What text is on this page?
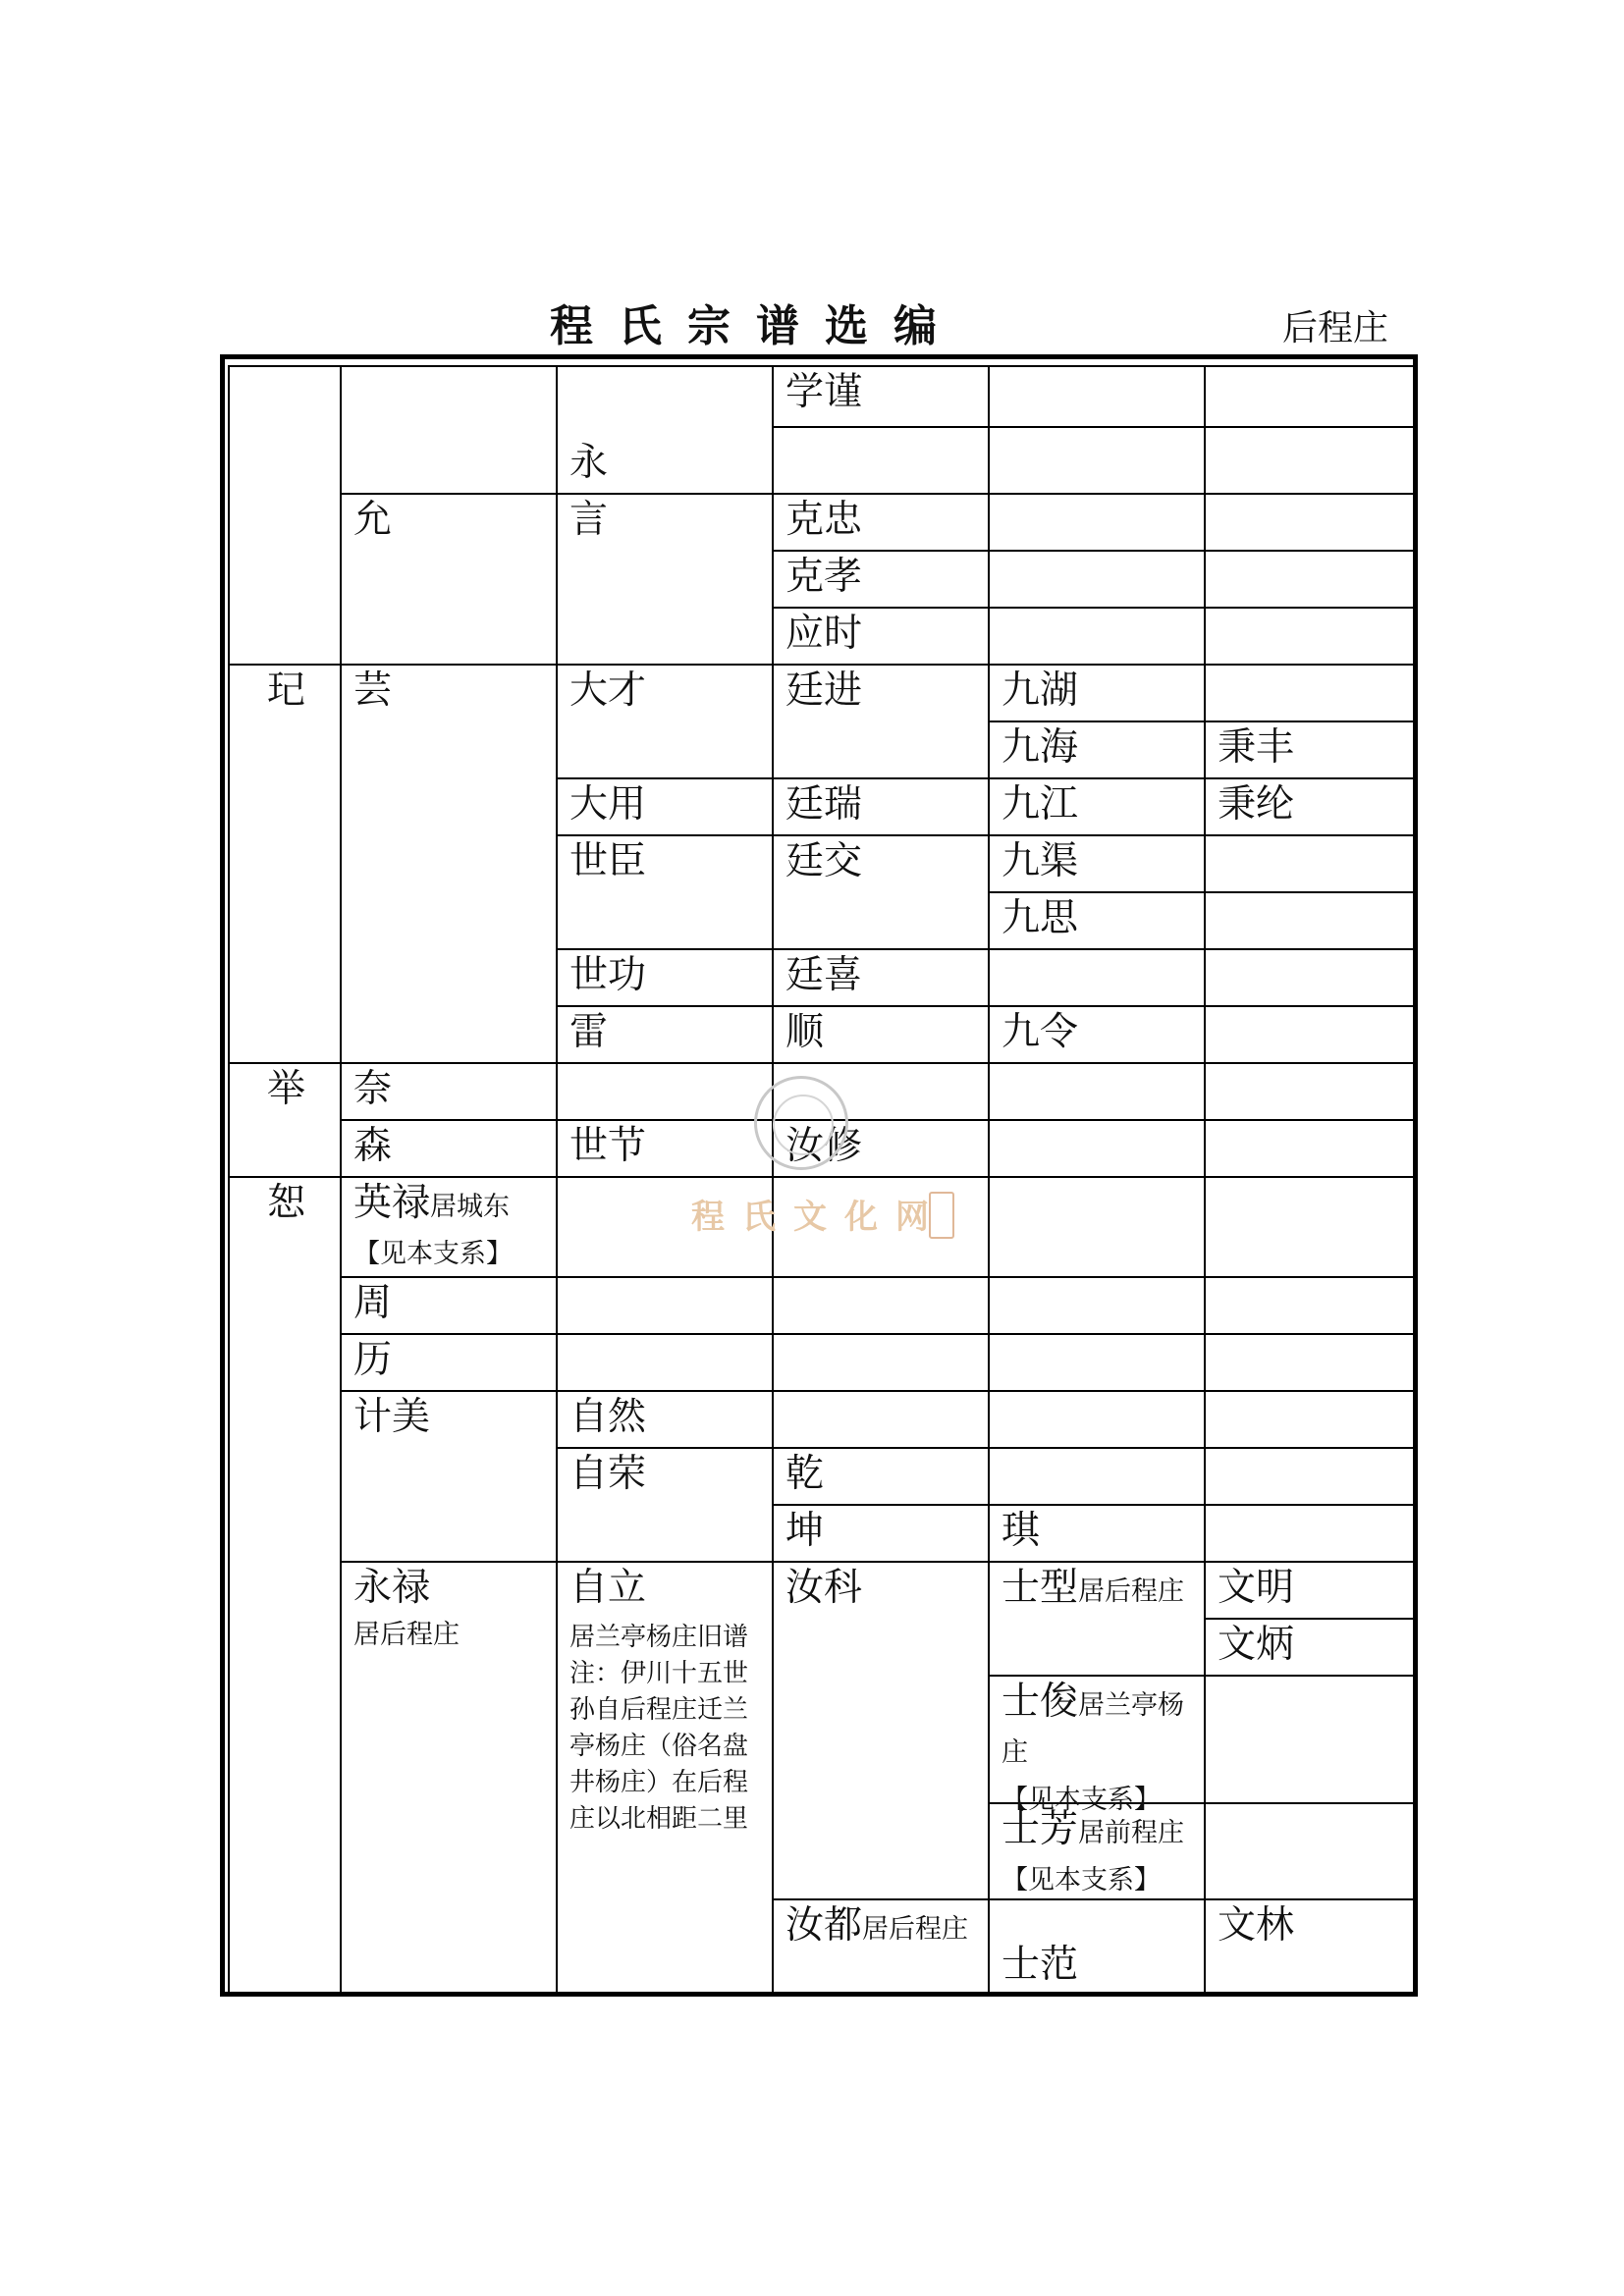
程氏宗谱选编	后程庄
玘
举
恕
允
芸
奈
森
英禄居城东
【见本支系】
周
历
计美
永禄
居后程庄
永
言
大才
大用
世臣
世功
雷
世节
自然
自荣
自立
居兰亭杨庄旧谱注：伊川十五世孙自后程庄迁兰亭杨庄（俗名盘井杨庄）在后程庄以北相距二里
学谨
克忠
克孝
应时
廷进
廷瑞
廷交
廷喜
顺
汝修
乾
坤
汝科
汝都居后程庄
九湖
九海
九江
九渠
九思
九令
琪
士型居后程庄
士俊居兰亭杨庄
【见本支系】
士芳居前程庄【见本支系】
士范
秉丰
秉纶
文明
文炳
文林
程氏文化网
